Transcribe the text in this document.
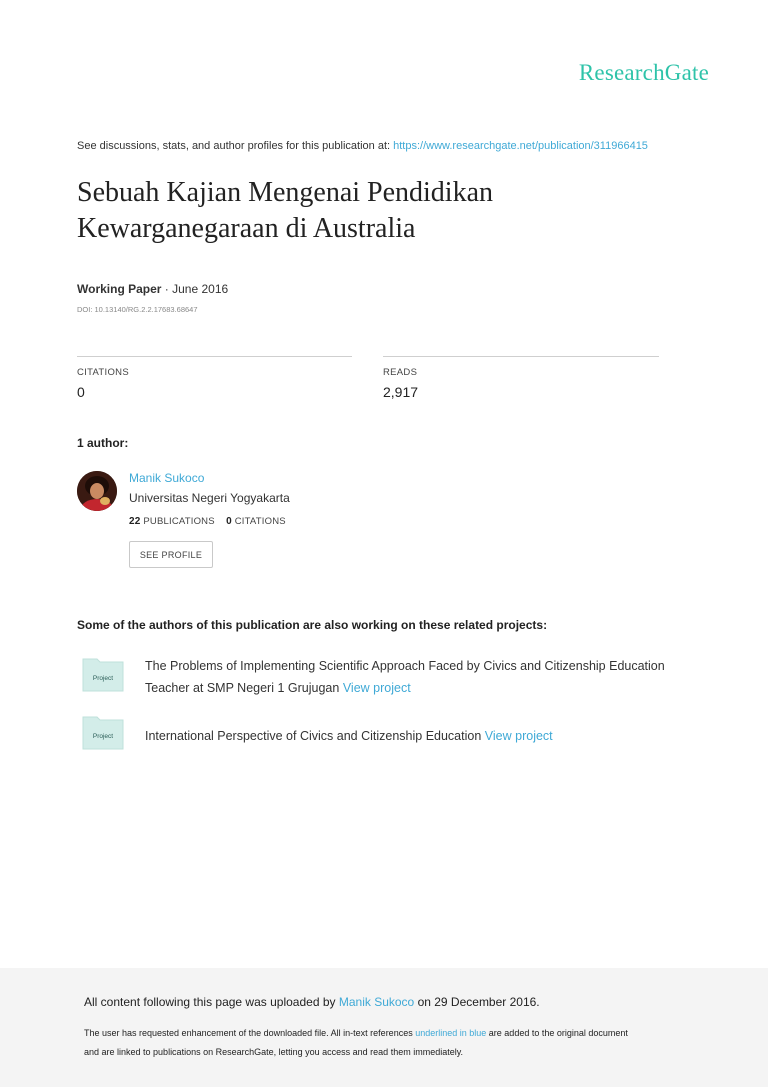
ResearchGate
See discussions, stats, and author profiles for this publication at: https://www.researchgate.net/publication/311966415
Sebuah Kajian Mengenai Pendidikan
Kewarganegaraan di Australia
Working Paper · June 2016
DOI: 10.13140/RG.2.2.17683.68647
CITATIONS
0
READS
2,917
1 author:
Manik Sukoco
Universitas Negeri Yogyakarta
22 PUBLICATIONS 0 CITATIONS
SEE PROFILE
Some of the authors of this publication are also working on these related projects:
Project
The Problems of Implementing Scientific Approach Faced by Civics and Citizenship Education
Teacher at SMP Negeri 1 Grujugan View project
Project	International Perspective of Civics and Citizenship Education View project
All content following this page was uploaded by Manik Sukoco on 29 December 2016.
The user has requested enhancement of the downloaded file. All in-text references underlined in blue are added to the original document
and are linked to publications on ResearchGate, letting you access and read them immediately.
